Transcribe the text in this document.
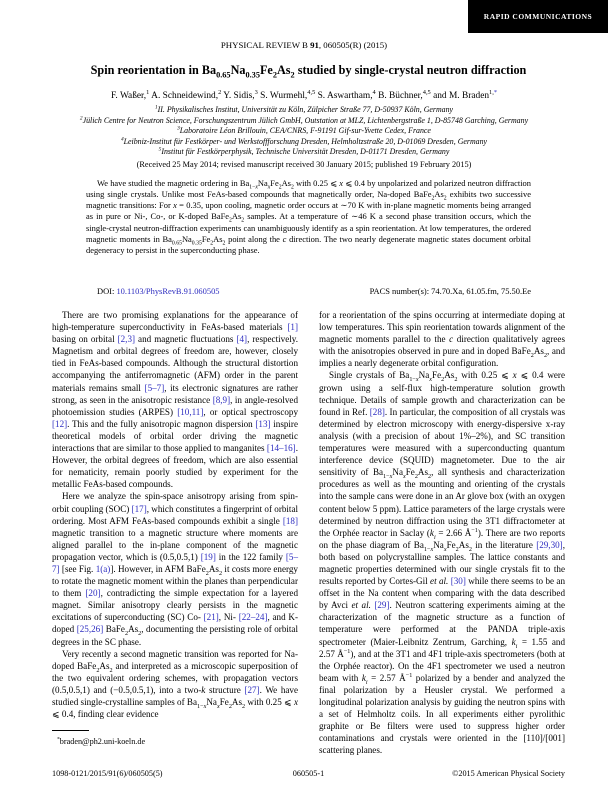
RAPID COMMUNICATIONS
PHYSICAL REVIEW B 91, 060505(R) (2015)
Spin reorientation in $Ba_{0.65}Na_{0.35}Fe_2As_2$ studied by single-crystal neutron diffraction
F. Waßer,$^1$ A. Schneidewind,$^2$ Y. Sidis,$^3$ S. Wurmehl,$^{4,5}$ S. Aswartham,$^4$ B. Büchner,$^{4,5}$ and M. Braden$^{1,*}$
$^1$II. Physikalisches Institut, Universität zu Köln, Zülpicher Straße 77, D-50937 Köln, Germany
$^2$Jülich Centre for Neutron Science, Forschungszentrum Jülich GmbH, Outstation at MLZ, Lichtenbergstraße 1, D-85748 Garching, Germany
$^3$Laboratoire Léon Brillouin, CEA/CNRS, F-91191 Gif-sur-Yvette Cedex, France
$^4$Leibniz-Institut für Festkörper- und Werkstoffforschung Dresden, Helmholtzstraße 20, D-01069 Dresden, Germany
$^5$Institut für Festkörperphysik, Technische Universität Dresden, D-01171 Dresden, Germany
(Received 25 May 2014; revised manuscript received 30 January 2015; published 19 February 2015)
We have studied the magnetic ordering in $Ba_{1-x}Na_xFe_2As_2$ with 0.25 ⩽ x ⩽ 0.4 by unpolarized and polarized neutron diffraction using single crystals. Unlike most FeAs-based compounds that magnetically order, Na-doped $BaFe_2As_2$ exhibits two successive magnetic transitions: For x = 0.35, upon cooling, magnetic order occurs at ∼70 K with in-plane magnetic moments being arranged as in pure or Ni-, Co-, or K-doped $BaFe_2As_2$ samples. At a temperature of ∼46 K a second phase transition occurs, which the single-crystal neutron-diffraction experiments can unambiguously identify as a spin reorientation. At low temperatures, the ordered magnetic moments in $Ba_{0.65}Na_{0.35}Fe_2As_2$ point along the c direction. The two nearly degenerate magnetic states document orbital degeneracy to persist in the superconducting phase.
DOI: 10.1103/PhysRevB.91.060505	PACS number(s): 74.70.Xa, 61.05.fm, 75.50.Ee

There are two promising explanations for the appearance of high-temperature superconductivity in FeAs-based materials [1] basing on orbital [2,3] and magnetic fluctuations [4], respectively. Magnetism and orbital degrees of freedom are, however, closely tied in FeAs-based compounds. Although the structural distortion accompanying the antiferromagnetic (AFM) order in the parent materials remains small [5–7], its electronic signatures are rather strong, as seen in the anisotropic resistance [8,9], in angle-resolved photoemission studies (ARPES) [10,11], or optical spectroscopy [12]. This and the fully anisotropic magnon dispersion [13] inspire theoretical models of orbital order driving the magnetic interactions that are similar to those applied to manganites [14–16]. However, the orbital degrees of freedom, which are also essential for nematicity, remain poorly studied by experiment for the metallic FeAs-based compounds.

Here we analyze the spin-space anisotropy arising from spin-orbit coupling (SOC) [17], which constitutes a fingerprint of orbital ordering. Most AFM FeAs-based compounds exhibit a single [18] magnetic transition to a magnetic structure where moments are aligned parallel to the in-plane component of the magnetic propagation vector, which is (0.5,0.5,1) [19] in the 122 family [5–7] [see Fig. 1(a)]. However, in AFM $BaFe_2As_2$ it costs more energy to rotate the magnetic moment within the planes than perpendicular to them [20], contradicting the simple expectation for a layered magnet. Similar anisotropy clearly persists in the magnetic excitations of superconducting (SC) Co- [21], Ni- [22–24], and K-doped [25,26] $BaFe_2As_2$, documenting the persisting role of orbital degrees in the SC phase.

Very recently a second magnetic transition was reported for Na-doped $BaFe_2As_2$ and interpreted as a microscopic superposition of the two equivalent ordering schemes, with propagation vectors (0.5,0.5,1) and (−0.5,0.5,1), into a two-k structure [27]. We have studied single-crystalline samples of $Ba_{1-x}Na_xFe_2As_2$ with 0.25 ⩽ x ⩽ 0.4, finding clear evidence

*braden@ph2.uni-koeln.de

for a reorientation of the spins occurring at intermediate doping at low temperatures. This spin reorientation towards alignment of the magnetic moments parallel to the c direction qualitatively agrees with the anisotropies observed in pure and in doped $BaFe_2As_2$, and implies a nearly degenerate orbital configuration.

Single crystals of $Ba_{1-x}Na_xFe_2As_2$ with 0.25 ⩽ x ⩽ 0.4 were grown using a self-flux high-temperature solution growth technique. Details of sample growth and characterization can be found in Ref. [28]. In particular, the composition of all crystals was determined by electron microscopy with energy-dispersive x-ray analysis (with a precision of about 1%–2%), and SC transition temperatures were measured with a superconducting quantum interference device (SQUID) magnetometer. Due to the air sensitivity of $Ba_{1-x}Na_xFe_2As_2$, all synthesis and characterization procedures as well as the mounting and orienting of the crystals into the sample cans were done in an Ar glove box (with an oxygen content below 5 ppm). Lattice parameters of the large crystals were determined by neutron diffraction using the 3T1 diffractometer at the Orphée reactor in Saclay ($k_i = 2.66$ $Å^{-1}$). There are two reports on the phase diagram of $Ba_{1-x}Na_xFe_2As_2$ in the literature [29,30], both based on polycrystalline samples. The lattice constants and magnetic properties determined with our single crystals fit to the results reported by Cortes-Gil et al. [30] while there seems to be an offset in the Na content when comparing with the data described by Avci et al. [29]. Neutron scattering experiments aiming at the characterization of the magnetic structure as a function of temperature were performed at the PANDA triple-axis spectrometer (Maier-Leibnitz Zentrum, Garching, $k_i = 1.55$ and 2.57 $Å^{-1}$), and at the 3T1 and 4F1 triple-axis spectrometers (both at the Orphée reactor). On the 4F1 spectrometer we used a neutron beam with $k_i = 2.57$ $Å^{-1}$ polarized by a bender and analyzed the final polarization by a Heusler crystal. We performed a longitudinal polarization analysis by guiding the neutron spins with a set of Helmholtz coils. In all experiments either pyrolithic graphite or Be filters were used to suppress higher order contaminations and crystals were oriented in the [110]/[001] scattering planes.

1098-0121/2015/91(6)/060505(5)	060505-1	©2015 American Physical Society
